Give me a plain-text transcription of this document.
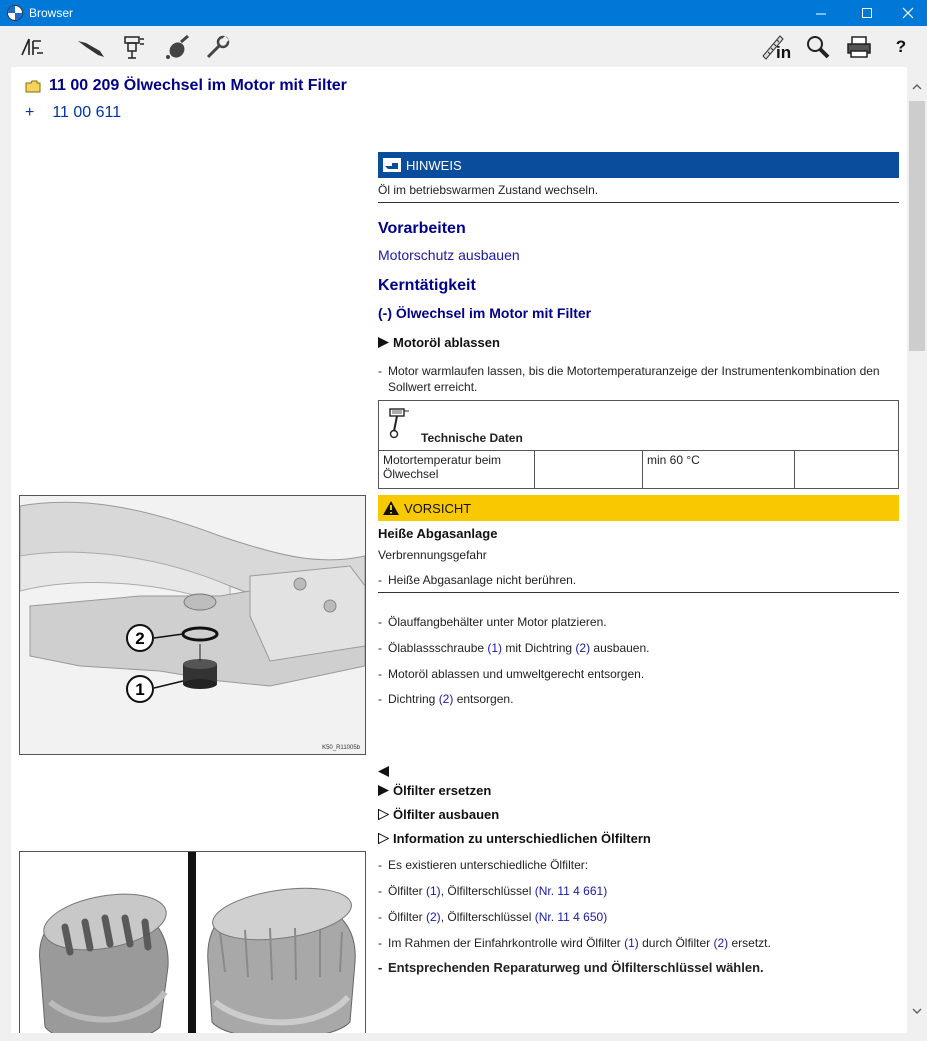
Browser
in	?
11 00 209 Ölwechsel im Motor mit Filter
+ 11 00 611
HINWEIS
Öl im betriebswarmen Zustand wechseln.
Vorarbeiten
Motorschutz ausbauen
Kerntätigkeit
(-) Ölwechsel im Motor mit Filter
Motoröl ablassen
- Motor warmlaufen lassen, bis die Motortemperaturanzeige der Instrumentenkombination den Sollwert erreicht.
Technische Daten

Motortemperatur beim Ölwechsel		min 60 °C	
2
1
K50_R11005b
VORSICHT
Heiße Abgasanlage
Verbrennungsgefahr
- Heiße Abgasanlage nicht berühren.
- Ölauffangbehälter unter Motor platzieren.
- Ölablassschraube (1) mit Dichtring (2) ausbauen.
- Motoröl ablassen und umweltgerecht entsorgen.
- Dichtring (2) entsorgen.
Ölfilter ersetzen
Ölfilter ausbauen
Information zu unterschiedlichen Ölfiltern
- Es existieren unterschiedliche Ölfilter:
- Ölfilter (1), Ölfilterschlüssel (Nr. 11 4 661)
- Ölfilter (2), Ölfilterschlüssel (Nr. 11 4 650)
- Im Rahmen der Einfahrkontrolle wird Ölfilter (1) durch Ölfilter (2) ersetzt.
- Entsprechenden Reparaturweg und Ölfilterschlüssel wählen.
